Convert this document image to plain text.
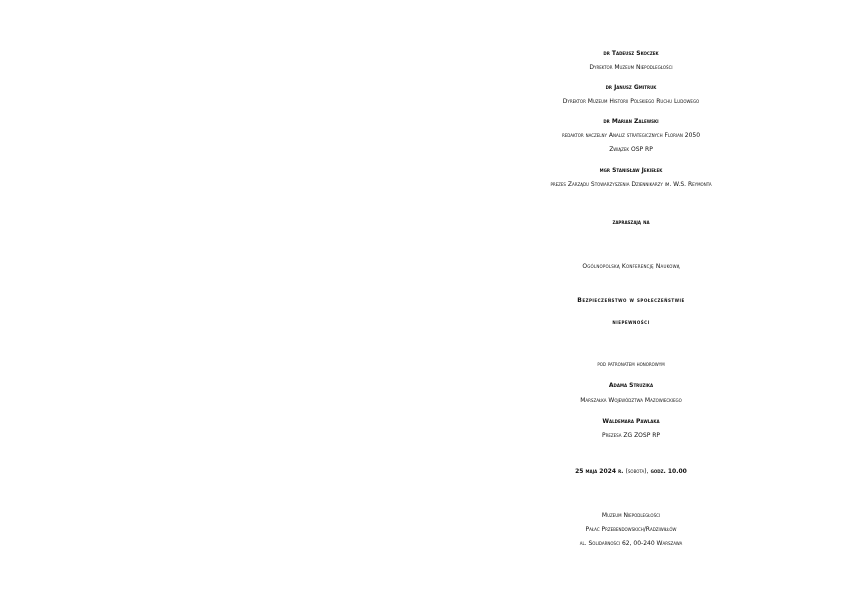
dr Tadeusz Skoczek
Dyrektor Muzeum Niepodległości
dr Janusz Gmitruk
Dyrektor Muzeum Historii Polskiego Ruchu Ludowego
dr Marian Zalewski
redaktor naczelny Analiz strategicznych Florian 2050
Związek OSP RP
mgr Stanisław Jekiełek
prezes Zarządu Stowarzyszenia Dziennikarzy im. W.S. Reymonta
zapraszają na
Ogólnopolską Konferencję Naukową
Bezpieczeństwo w społeczeństwie
niepewności
pod patronatem honorowym
Adama Struzika
Marszałka Województwa Mazowieckiego
Waldemara Pawlaka
Prezesa ZG ZOSP RP
25 maja 2024 r. (sobota), godz. 10.00
Muzeum Niepodległości
Pałac Przebendowskich/Radziwiłłów
al. Solidarności 62, 00-240 Warszawa
